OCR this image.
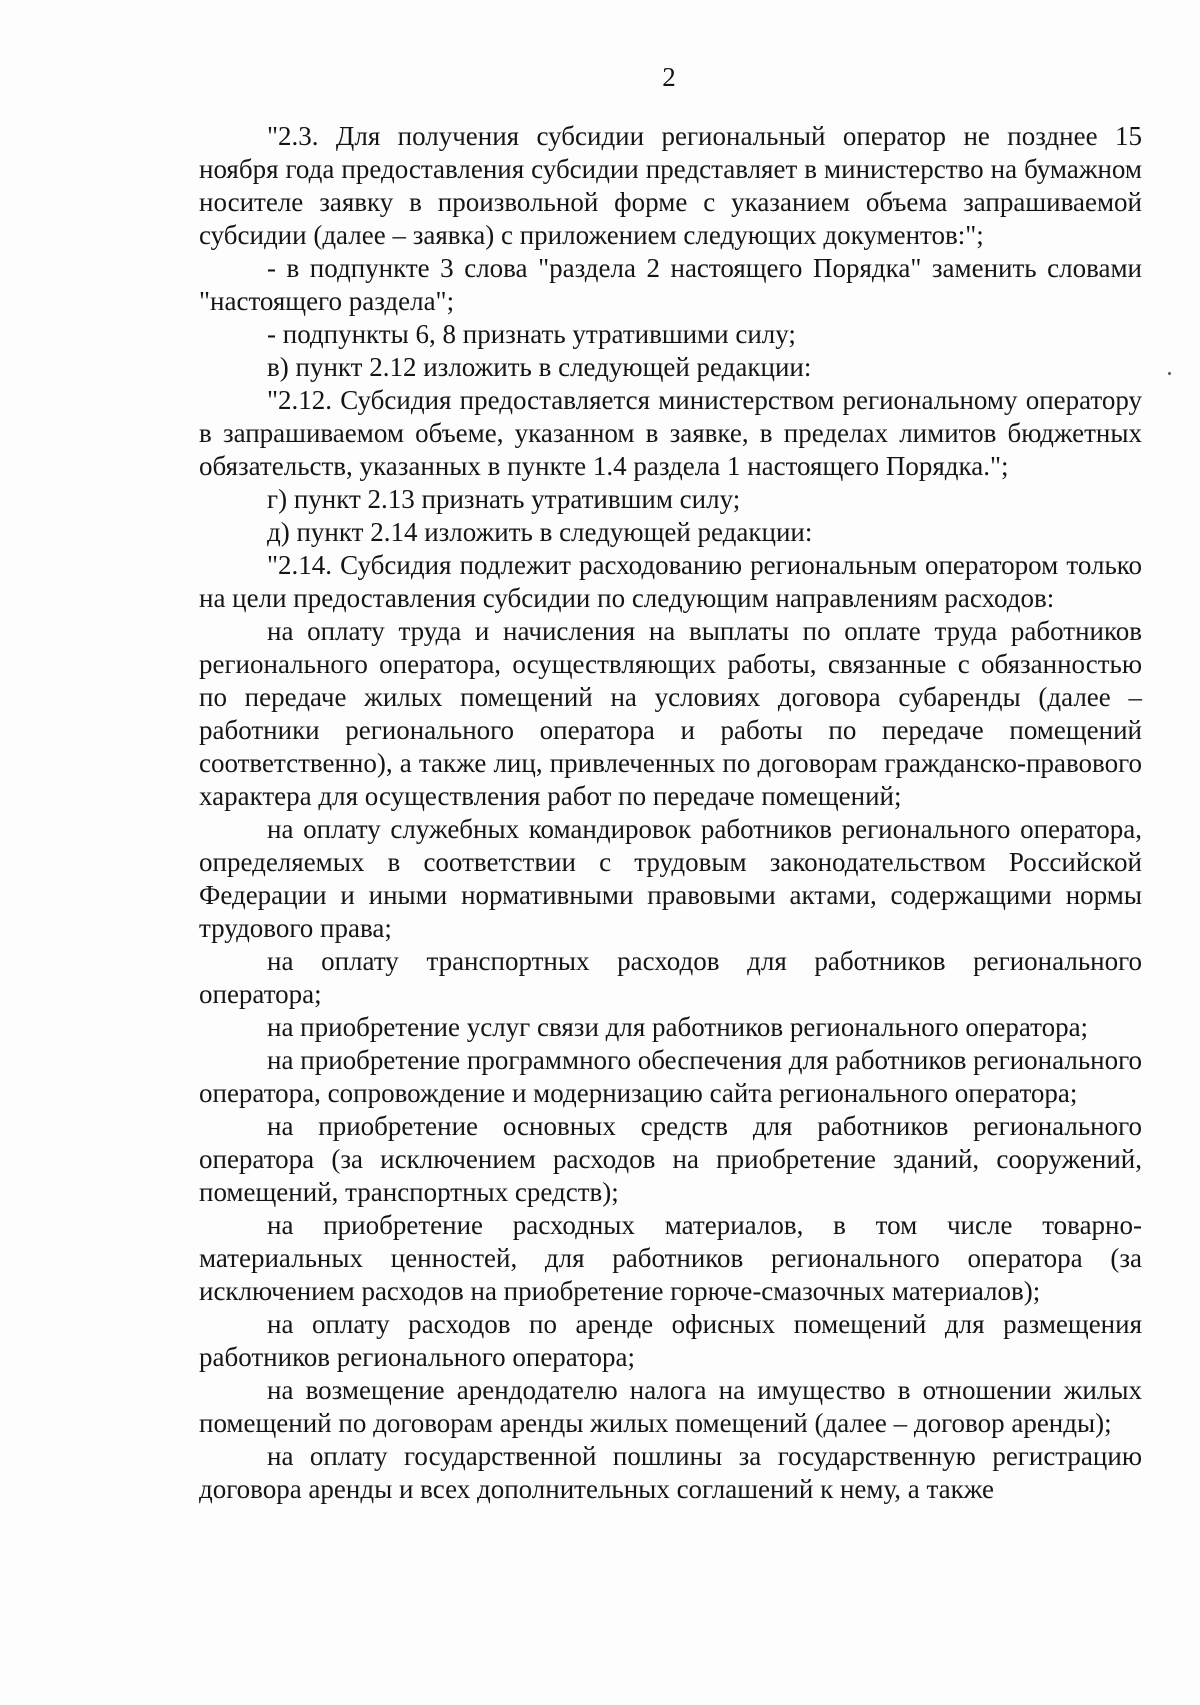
2

"2.3. Для получения субсидии региональный оператор не позднее 15 ноября года предоставления субсидии представляет в министерство на бумажном носителе заявку в произвольной форме с указанием объема запрашиваемой субсидии (далее – заявка) с приложением следующих документов:";

- в подпункте 3 слова "раздела 2 настоящего Порядка" заменить словами "настоящего раздела";

- подпункты 6, 8 признать утратившими силу;

в) пункт 2.12 изложить в следующей редакции:

"2.12. Субсидия предоставляется министерством региональному оператору в запрашиваемом объеме, указанном в заявке, в пределах лимитов бюджетных обязательств, указанных в пункте 1.4 раздела 1 настоящего Порядка.";

г) пункт 2.13 признать утратившим силу;

д) пункт 2.14 изложить в следующей редакции:

"2.14. Субсидия подлежит расходованию региональным оператором только на цели предоставления субсидии по следующим направлениям расходов:

на оплату труда и начисления на выплаты по оплате труда работников регионального оператора, осуществляющих работы, связанные с обязанностью по передаче жилых помещений на условиях договора субаренды (далее – работники регионального оператора и работы по передаче помещений соответственно), а также лиц, привлеченных по договорам гражданско-правового характера для осуществления работ по передаче помещений;

на оплату служебных командировок работников регионального оператора, определяемых в соответствии с трудовым законодательством Российской Федерации и иными нормативными правовыми актами, содержащими нормы трудового права;

на оплату транспортных расходов для работников регионального оператора;

на приобретение услуг связи для работников регионального оператора;

на приобретение программного обеспечения для работников регионального оператора, сопровождение и модернизацию сайта регионального оператора;

на приобретение основных средств для работников регионального оператора (за исключением расходов на приобретение зданий, сооружений, помещений, транспортных средств);

на приобретение расходных материалов, в том числе товарно-материальных ценностей, для работников регионального оператора (за исключением расходов на приобретение горюче-смазочных материалов);

на оплату расходов по аренде офисных помещений для размещения работников регионального оператора;

на возмещение арендодателю налога на имущество в отношении жилых помещений по договорам аренды жилых помещений (далее – договор аренды);

на оплату государственной пошлины за государственную регистрацию договора аренды и всех дополнительных соглашений к нему, а также
